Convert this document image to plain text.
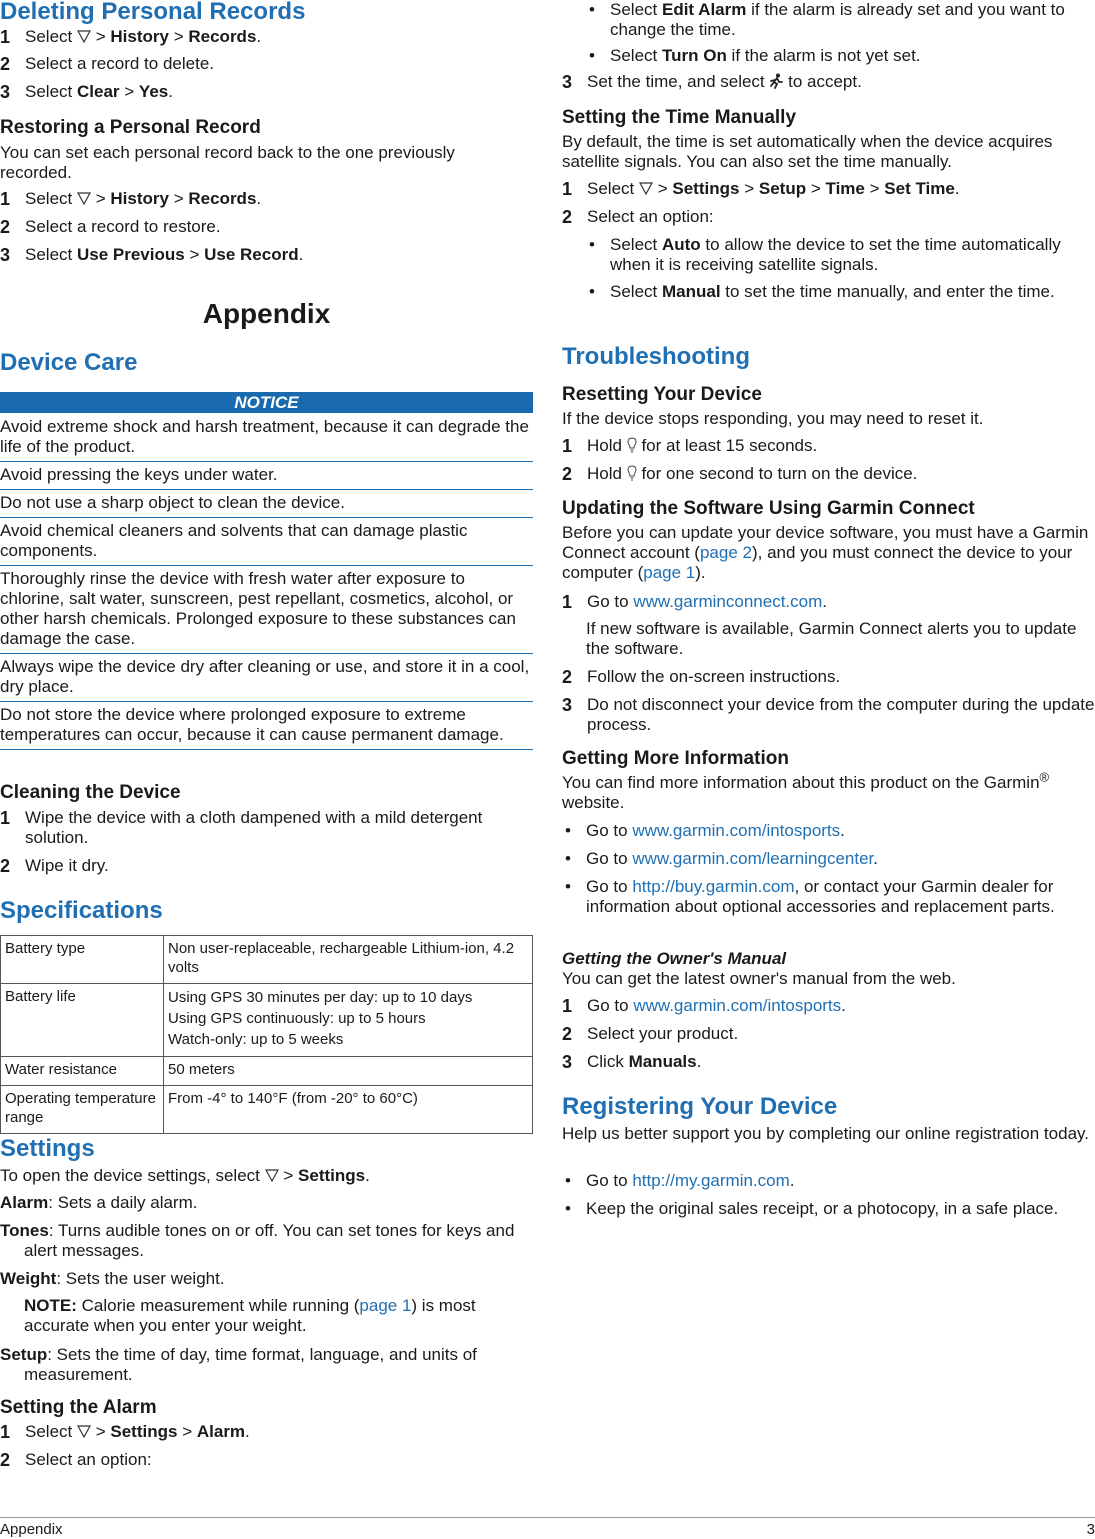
Deleting Personal Records
1 Select > History > Records.
2 Select a record to delete.
3 Select Clear > Yes.
Restoring a Personal Record

You can set each personal record back to the one previously recorded.

1 Select > History > Records.
2 Select a record to restore.
3 Select Use Previous > Use Record.
Appendix
Device Care
NOTICE
Avoid extreme shock and harsh treatment, because it can degrade the life of the product.
Avoid pressing the keys under water.
Do not use a sharp object to clean the device.
Avoid chemical cleaners and solvents that can damage plastic components.
Thoroughly rinse the device with fresh water after exposure to chlorine, salt water, sunscreen, pest repellant, cosmetics, alcohol, or other harsh chemicals. Prolonged exposure to these substances can damage the case.
Always wipe the device dry after cleaning or use, and store it in a cool, dry place.
Do not store the device where prolonged exposure to extreme temperatures can occur, because it can cause permanent damage.
Cleaning the Device
1 Wipe the device with a cloth dampened with a mild detergent solution.
2 Wipe it dry.
Specifications
Battery type	Non user-replaceable, rechargeable Lithium-ion, 4.2 volts
Battery life	Using GPS 30 minutes per day: up to 10 days
Using GPS continuously: up to 5 hours
Watch-only: up to 5 weeks

Water resistance	50 meters
Operating temperature range	From -4° to 140°F (from -20° to 60°C)
Settings

To open the device settings, select > Settings.

Alarm: Sets a daily alarm.

Tones: Turns audible tones on or off. You can set tones for keys and alert messages.

Weight: Sets the user weight.

NOTE: Calorie measurement while running (page 1) is most accurate when you enter your weight.

Setup: Sets the time of day, time format, language, and units of measurement.

Setting the Alarm
1 Select > Settings > Alarm.
2 Select an option:
• Select Edit Alarm if the alarm is already set and you want to change the time.
• Select Turn On if the alarm is not yet set.
3 Set the time, and select to accept.
Setting the Time Manually

By default, the time is set automatically when the device acquires satellite signals. You can also set the time manually.

1 Select > Settings > Setup > Time > Set Time.
2 Select an option:
• Select Auto to allow the device to set the time automatically when it is receiving satellite signals.
• Select Manual to set the time manually, and enter the time.
Troubleshooting
Resetting Your Device

If the device stops responding, you may need to reset it.

1 Hold for at least 15 seconds.
2 Hold for one second to turn on the device.
Updating the Software Using Garmin Connect

Before you can update your device software, you must have a Garmin Connect account (page 2), and you must connect the device to your computer (page 1).

1 Go to www.garminconnect.com.

If new software is available, Garmin Connect alerts you to update the software.

2 Follow the on-screen instructions.
3 Do not disconnect your device from the computer during the update process.
Getting More Information

You can find more information about this product on the Garmin® website.

• Go to www.garmin.com/intosports.
• Go to www.garmin.com/learningcenter.
• Go to http://buy.garmin.com, or contact your Garmin dealer for information about optional accessories and replacement parts.
Getting the Owner's Manual

You can get the latest owner's manual from the web.

1 Go to www.garmin.com/intosports.
2 Select your product.
3 Click Manuals.
Registering Your Device

Help us better support you by completing our online registration today.

• Go to http://my.garmin.com.
• Keep the original sales receipt, or a photocopy, in a safe place.
Appendix	3
